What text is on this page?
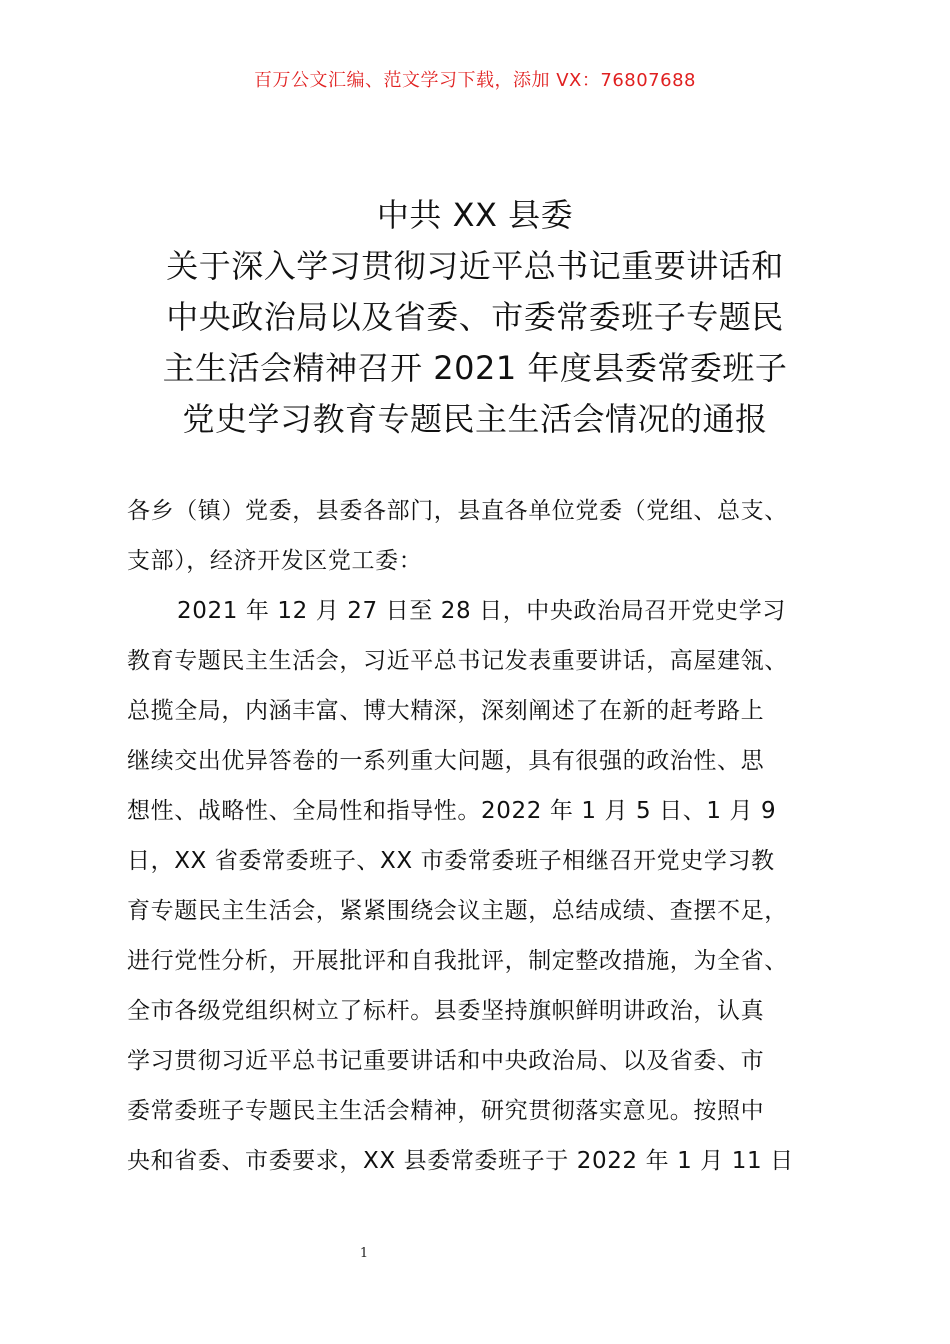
百万公文汇编、范文学习下载，添加 VX：76807688
中共 XX 县委
关于深入学习贯彻习近平总书记重要讲话和
中央政治局以及省委、市委常委班子专题民
主生活会精神召开 2021 年度县委常委班子
党史学习教育专题民主生活会情况的通报
各乡（镇）党委，县委各部门，县直各单位党委（党组、总支、
支部），经济开发区党工委：
2021 年 12 月 27 日至 28 日，中央政治局召开党史学习
教育专题民主生活会，习近平总书记发表重要讲话，高屋建瓴、
总揽全局，内涵丰富、博大精深，深刻阐述了在新的赶考路上
继续交出优异答卷的一系列重大问题，具有很强的政治性、思
想性、战略性、全局性和指导性。2022 年 1 月 5 日、1 月 9
日，XX 省委常委班子、XX 市委常委班子相继召开党史学习教
育专题民主生活会，紧紧围绕会议主题，总结成绩、查摆不足，
进行党性分析，开展批评和自我批评，制定整改措施，为全省、
全市各级党组织树立了标杆。县委坚持旗帜鲜明讲政治，认真
学习贯彻习近平总书记重要讲话和中央政治局、以及省委、市
委常委班子专题民主生活会精神，研究贯彻落实意见。按照中
央和省委、市委要求，XX 县委常委班子于 2022 年 1 月 11 日
1
